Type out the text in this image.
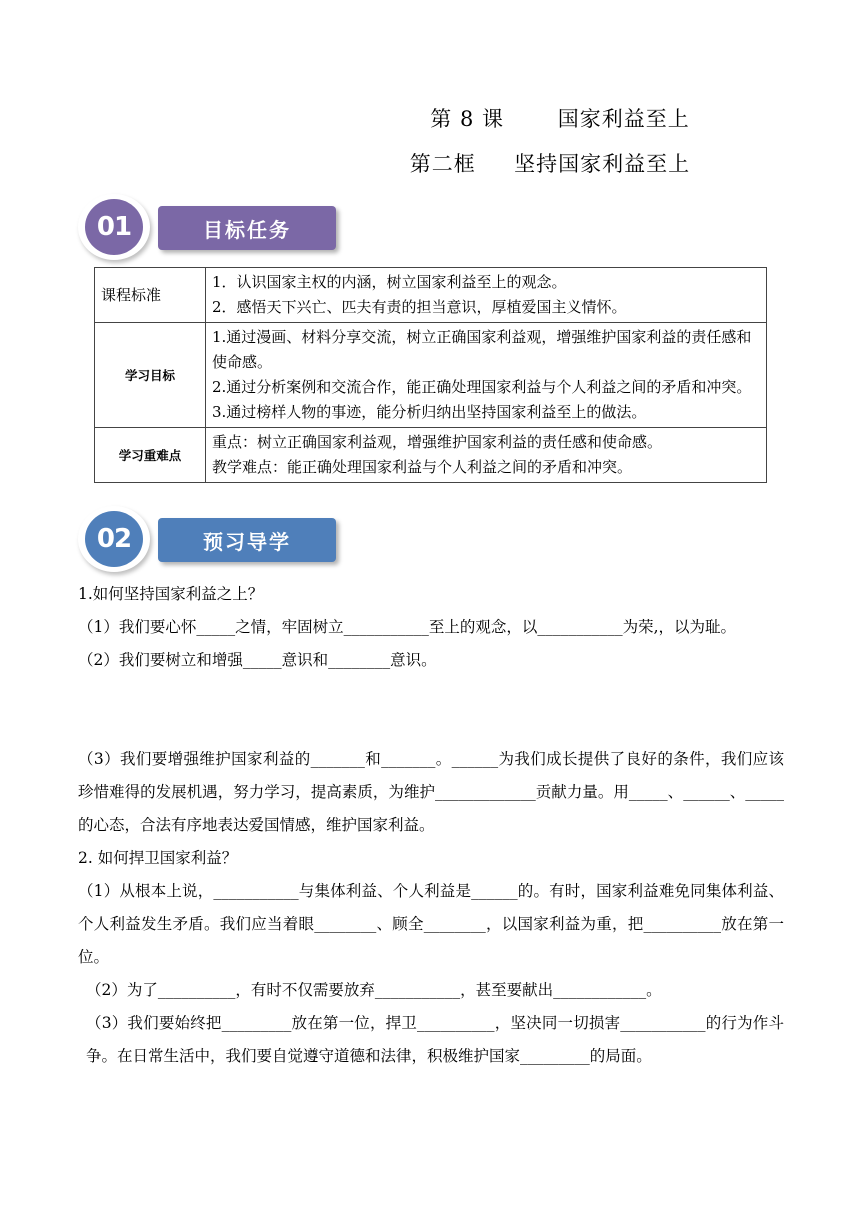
第 8 课       国家利益至上
第二框     坚持国家利益至上
01	目标任务
课程标准	1．认识国家主权的内涵，树立国家利益至上的观念。
2．感悟天下兴亡、匹夫有责的担当意识，厚植爱国主义情怀。

学习目标	1.通过漫画、材料分享交流，树立正确国家利益观，增强维护国家利益的责任感和使命感。
2.通过分析案例和交流合作，能正确处理国家利益与个人利益之间的矛盾和冲突。
3.通过榜样人物的事迹，能分析归纳出坚持国家利益至上的做法。

学习重难点	重点：树立正确国家利益观，增强维护国家利益的责任感和使命感。
教学难点：能正确处理国家利益与个人利益之间的矛盾和冲突。
02	预习导学

1.如何坚持国家利益之上？

（1）我们要心怀_____之情，牢固树立___________至上的观念，以___________为荣,，以为耻。

（2）我们要树立和增强_____意识和________意识。

（3）我们要增强维护国家利益的_______和_______。______为我们成长提供了良好的条件，我们应该珍惜难得的发展机遇，努力学习，提高素质，为维护_____________贡献力量。用_____、______、_____的心态，合法有序地表达爱国情感，维护国家利益。

2. 如何捍卫国家利益？

（1）从根本上说，___________与集体利益、个人利益是______的。有时，国家利益难免同集体利益、个人利益发生矛盾。我们应当着眼________、顾全________，以国家利益为重，把__________放在第一位。

（2）为了__________，有时不仅需要放弃___________，甚至要献出____________。

（3）我们要始终把_________放在第一位，捍卫__________，坚决同一切损害___________的行为作斗争。在日常生活中，我们要自觉遵守道德和法律，积极维护国家_________的局面。
